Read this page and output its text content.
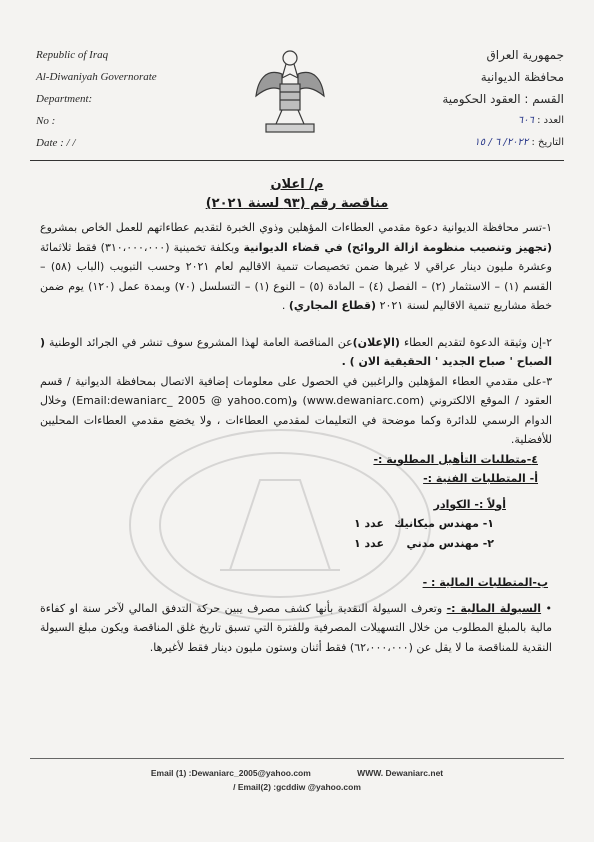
Republic of Iraq
Al-Diwaniyah Governorate
Department:
No :
Date : / /
جمهورية العراق
محافظة الديوانية
القسم : العقود الحكومية
العدد : ٦٠٦
التاريخ : ٢٠٢٢/ ٦ / ١٥
م/ اعلان
مناقصة رقم (٩٣ لسنة ٢٠٢١)

١-تسر محافظة الديوانية دعوة مقدمي العطاءات المؤهلين وذوي الخبرة لتقديم عطاءاتهم للعمل الخاص بمشروع (تجهيز وتنصيب منظومة ازالة الروائح) في قضاء الديوانية وبكلفة تخمينية (٣١٠،٠٠٠،٠٠٠) فقط ثلاثمائة وعشرة مليون دينار عراقي لا غيرها ضمن تخصيصات تنمية الاقاليم لعام ٢٠٢١ وحسب التبويب (الباب (٥٨) – القسم (١) – الاستثمار (٢) – الفصل (٤) – المادة (٥) – النوع (١) – التسلسل (٧٠) وبمدة عمل (١٢٠) يوم ضمن خطة مشاريع تنمية الاقاليم لسنة ٢٠٢١ (قطاع المجاري) .

٢-إن وثيقة الدعوة لتقديم العطاء (الإعلان)عن المناقصة العامة لهذا المشروع سوف تنشر في الجرائد الوطنية ( الصباح ' صباح الجديد ' الحقيقية الان ) .

٣-على مقدمي العطاء المؤهلين والراغبين في الحصول على معلومات إضافية الاتصال بمحافظة الديوانية / قسم العقود / الموقع الالكتروني (www.dewaniarc.com) و(Email:dewaniarc_ 2005 @ yahoo.com) وخلال الدوام الرسمي للدائرة وكما موضحة في التعليمات لمقدمي العطاءات ، ولا يخضع مقدمي العطاءات المحليين للأفضلية.

٤-متطلبات التأهيل المطلوبة :-
أ- المتطلبات الفنية :-
أولاً :- الكوادر
١- مهندس ميكانيك
عدد ١
٢- مهندس مدني
عدد ١
ب-المتطلبات المالية : -

• السيولة المالية :- وتعرف السيولة النقدية بأنها كشف مصرف يبين حركة التدفق المالي لآخر سنة او كفاءة مالية بالمبلغ المطلوب من خلال التسهيلات المصرفية وللفترة التي تسبق تاريخ غلق المناقصة ويكون مبلغ السيولة النقدية للمناقصة ما لا يقل عن (٦٢،٠٠٠،٠٠٠) فقط أثنان وستون مليون دينار فقط لأغيرها.

Email (1) :Dewaniarc_2005@yahoo.com	WWW. Dewaniarc.net
/ Email(2) :gcddiw @yahoo.com
